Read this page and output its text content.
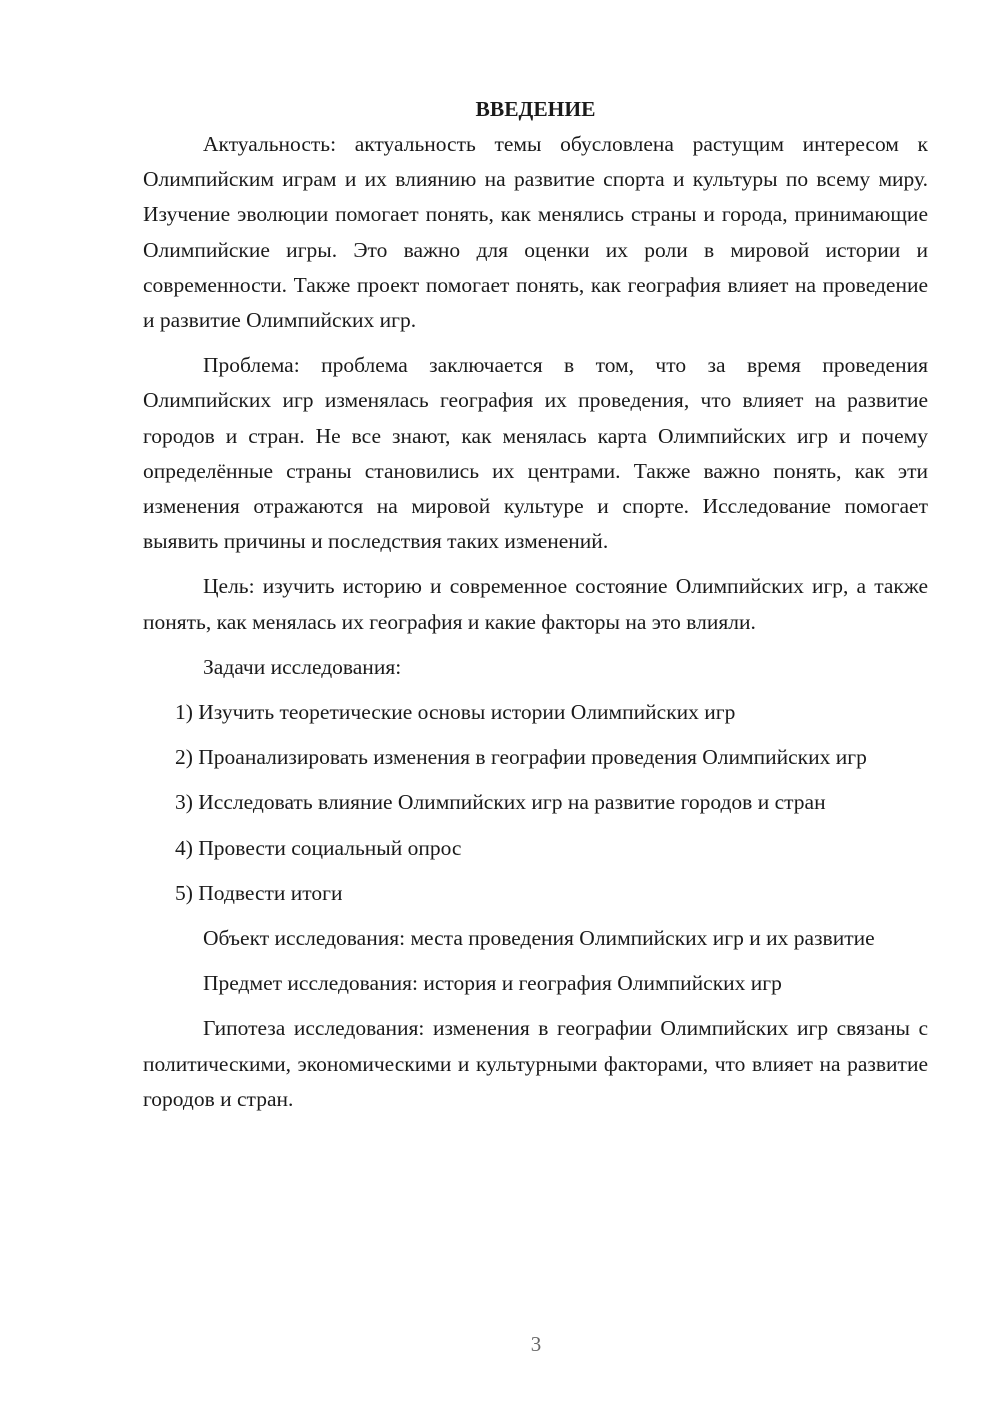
ВВЕДЕНИЕ

Актуальность: актуальность темы обусловлена растущим интересом к Олимпийским играм и их влиянию на развитие спорта и культуры по всему миру. Изучение эволюции помогает понять, как менялись страны и города, принимающие Олимпийские игры. Это важно для оценки их роли в мировой истории и современности. Также проект помогает понять, как география влияет на проведение и развитие Олимпийских игр.

Проблема: проблема заключается в том, что за время проведения Олимпийских игр изменялась география их проведения, что влияет на развитие городов и стран. Не все знают, как менялась карта Олимпийских игр и почему определённые страны становились их центрами. Также важно понять, как эти изменения отражаются на мировой культуре и спорте. Исследование помогает выявить причины и последствия таких изменений.

Цель: изучить историю и современное состояние Олимпийских игр, а также понять, как менялась их география и какие факторы на это влияли.

Задачи исследования:

1) Изучить теоретические основы истории Олимпийских игр

2) Проанализировать изменения в географии проведения Олимпийских игр

3) Исследовать влияние Олимпийских игр на развитие городов и стран

4) Провести социальный опрос

5) Подвести итоги

Объект исследования: места проведения Олимпийских игр и их развитие

Предмет исследования: история и география Олимпийских игр

Гипотеза исследования: изменения в географии Олимпийских игр связаны с политическими, экономическими и культурными факторами, что влияет на развитие городов и стран.

3
